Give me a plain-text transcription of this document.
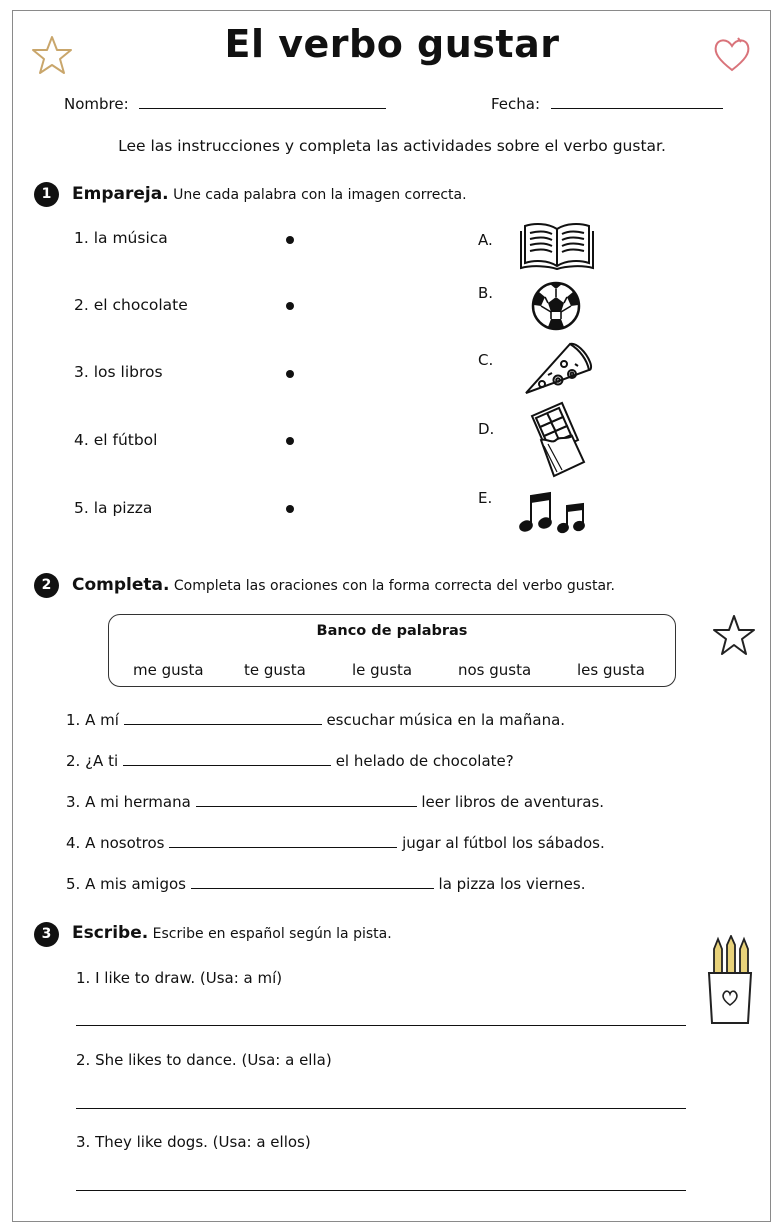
El verbo gustar
Nombre:	Fecha:
Lee las instrucciones y completa las actividades sobre el verbo gustar.
1	Empareja. Une cada palabra con la imagen correcta.
1. la música
2. el chocolate
3. los libros
4. el fútbol
5. la pizza
A.
B.
C.
D.
E.
2	Completa. Completa las oraciones con la forma correcta del verbo gustar.
Banco de palabras
me gusta	te gusta	le gusta	nos gusta	les gusta
1. A mí	escuchar música en la mañana.
2. ¿A ti	el helado de chocolate?
3. A mi hermana	leer libros de aventuras.
4. A nosotros	jugar al fútbol los sábados.
5. A mis amigos	la pizza los viernes.
3	Escribe. Escribe en español según la pista.
1. I like to draw. (Usa: a mí)
2. She likes to dance. (Usa: a ella)
3. They like dogs. (Usa: a ellos)
